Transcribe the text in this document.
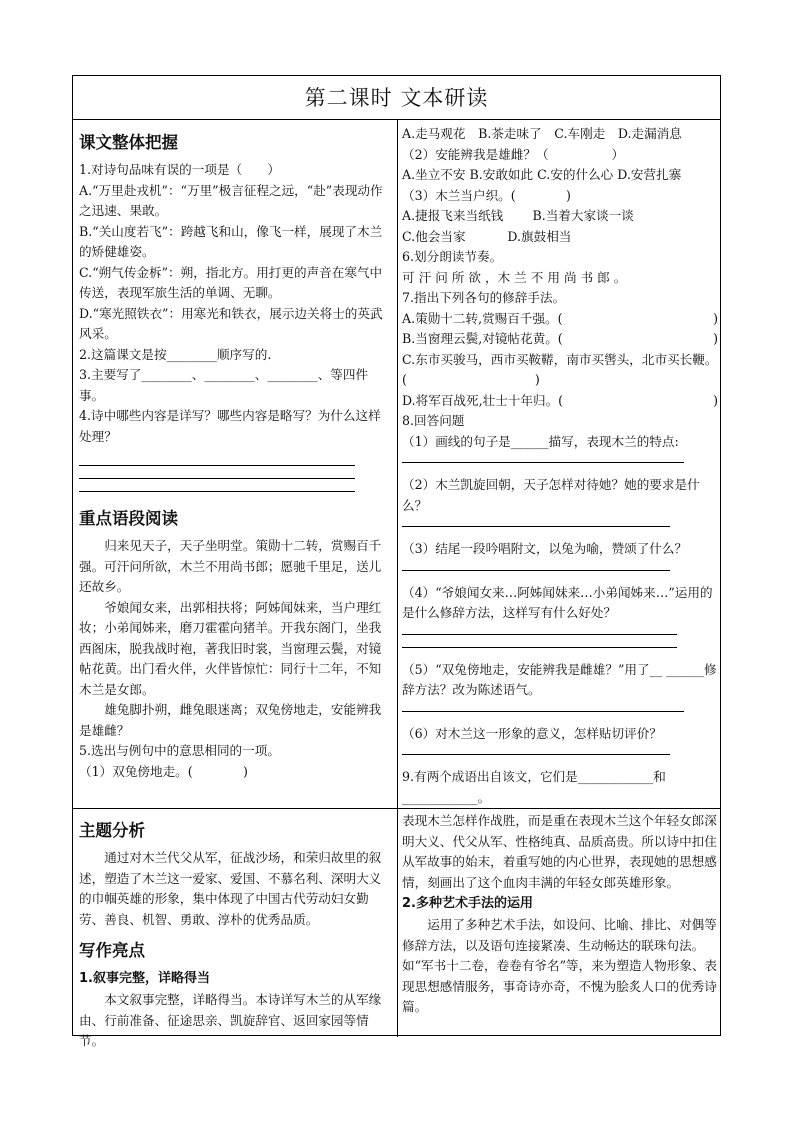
第二课时 文本研读
课文整体把握

1.对诗句品味有误的一项是（　　）

A.“万里赴戎机”：“万里”极言征程之远，“赴”表现动作之迅速、果敢。

B.“关山度若飞”：跨越飞和山，像飞一样，展现了木兰的矫健雄姿。

C.“朔气传金柝”：朔，指北方。用打更的声音在寒气中传送，表现军旅生活的单调、无聊。

D.“寒光照铁衣”：用寒光和铁衣，展示边关将士的英武风采。

2.这篇课文是按________顺序写的.

3.主要写了________、________、________、等四件事。

4.诗中哪些内容是详写？哪些内容是略写？为什么这样处理？

重点语段阅读

归来见天子，天子坐明堂。策勋十二转，赏赐百千强。可汗问所欲，木兰不用尚书郎；愿驰千里足，送儿还故乡。

爷娘闻女来，出郭相扶将；阿姊闻妹来，当户理红妆；小弟闻姊来，磨刀霍霍向猪羊。开我东阁门，坐我西阁床，脱我战时袍，著我旧时裳，当窗理云鬓，对镜帖花黄。出门看火伴，火伴皆惊忙：同行十二年，不知木兰是女郎。

雄兔脚扑朔，雌兔眼迷离；双兔傍地走，安能辨我是雄雌？

5.选出与例句中的意思相同的一项。

（1）双兔傍地走。(　　　　)

A.走马观花　B.茶走味了　C.车刚走　D.走漏消息

（2）安能辨我是雄雌？（　　　　　）

A.坐立不安 B.安敢如此 C.安的什么心 D.安营扎寨

（3）木兰当户织。(　　　　)

A.捷报飞来当纸钱　　 B.当着大家谈一谈

C.他会当家　　　 D.旗鼓相当

6.划分朗读节奏。

可 汗 问 所 欲 ，木 兰 不 用 尚 书 郎 。

7.指出下列各句的修辞手法。

A.策勋十二转,赏赐百千强。(	)

B.当窗理云鬓,对镜帖花黄。(	)

C.东市买骏马，西市买鞍鞯，南市买辔头，北市买长鞭。(	)

D.将军百战死,壮士十年归。(	)

8.回答问题

（1）画线的句子是______描写，表现木兰的特点:

（2）木兰凯旋回朝，天子怎样对待她？她的要求是什么？

（3）结尾一段吟唱附文，以兔为喻，赞颂了什么？

（4）“爷娘闻女来…阿姊闻妹来…小弟闻姊来…”运用的是什么修辞方法，这样写有什么好处？

（5）“双兔傍地走，安能辨我是雌雄？”用了__ ______修辞方法？改为陈述语气。

（6）对木兰这一形象的意义，怎样贴切评价？

9.有两个成语出自该文，它们是____________和____________。

主题分析

通过对木兰代父从军，征战沙场，和荣归故里的叙述，塑造了木兰这一爱家、爱国、不慕名利、深明大义的巾帼英雄的形象，集中体现了中国古代劳动妇女勤劳、善良、机智、勇敢、淳朴的优秀品质。

写作亮点

1.叙事完整，详略得当

本文叙事完整，详略得当。本诗详写木兰的从军缘由、行前准备、征途思亲、凯旋辞官、返回家园等情节。

表现木兰怎样作战胜，而是重在表现木兰这个年轻女郎深明大义、代父从军、性格纯真、品质高贵。所以诗中扣住从军故事的始末，着重写她的内心世界，表现她的思想感情，刻画出了这个血肉丰满的年轻女郎英雄形象。

2.多种艺术手法的运用

运用了多种艺术手法，如设问、比喻、排比、对偶等修辞方法，以及语句连接紧凑、生动畅达的联珠句法。如“军书十二卷，卷卷有爷名”等，来为塑造人物形象、表现思想感情服务，事奇诗亦奇，不愧为脍炙人口的优秀诗篇。
